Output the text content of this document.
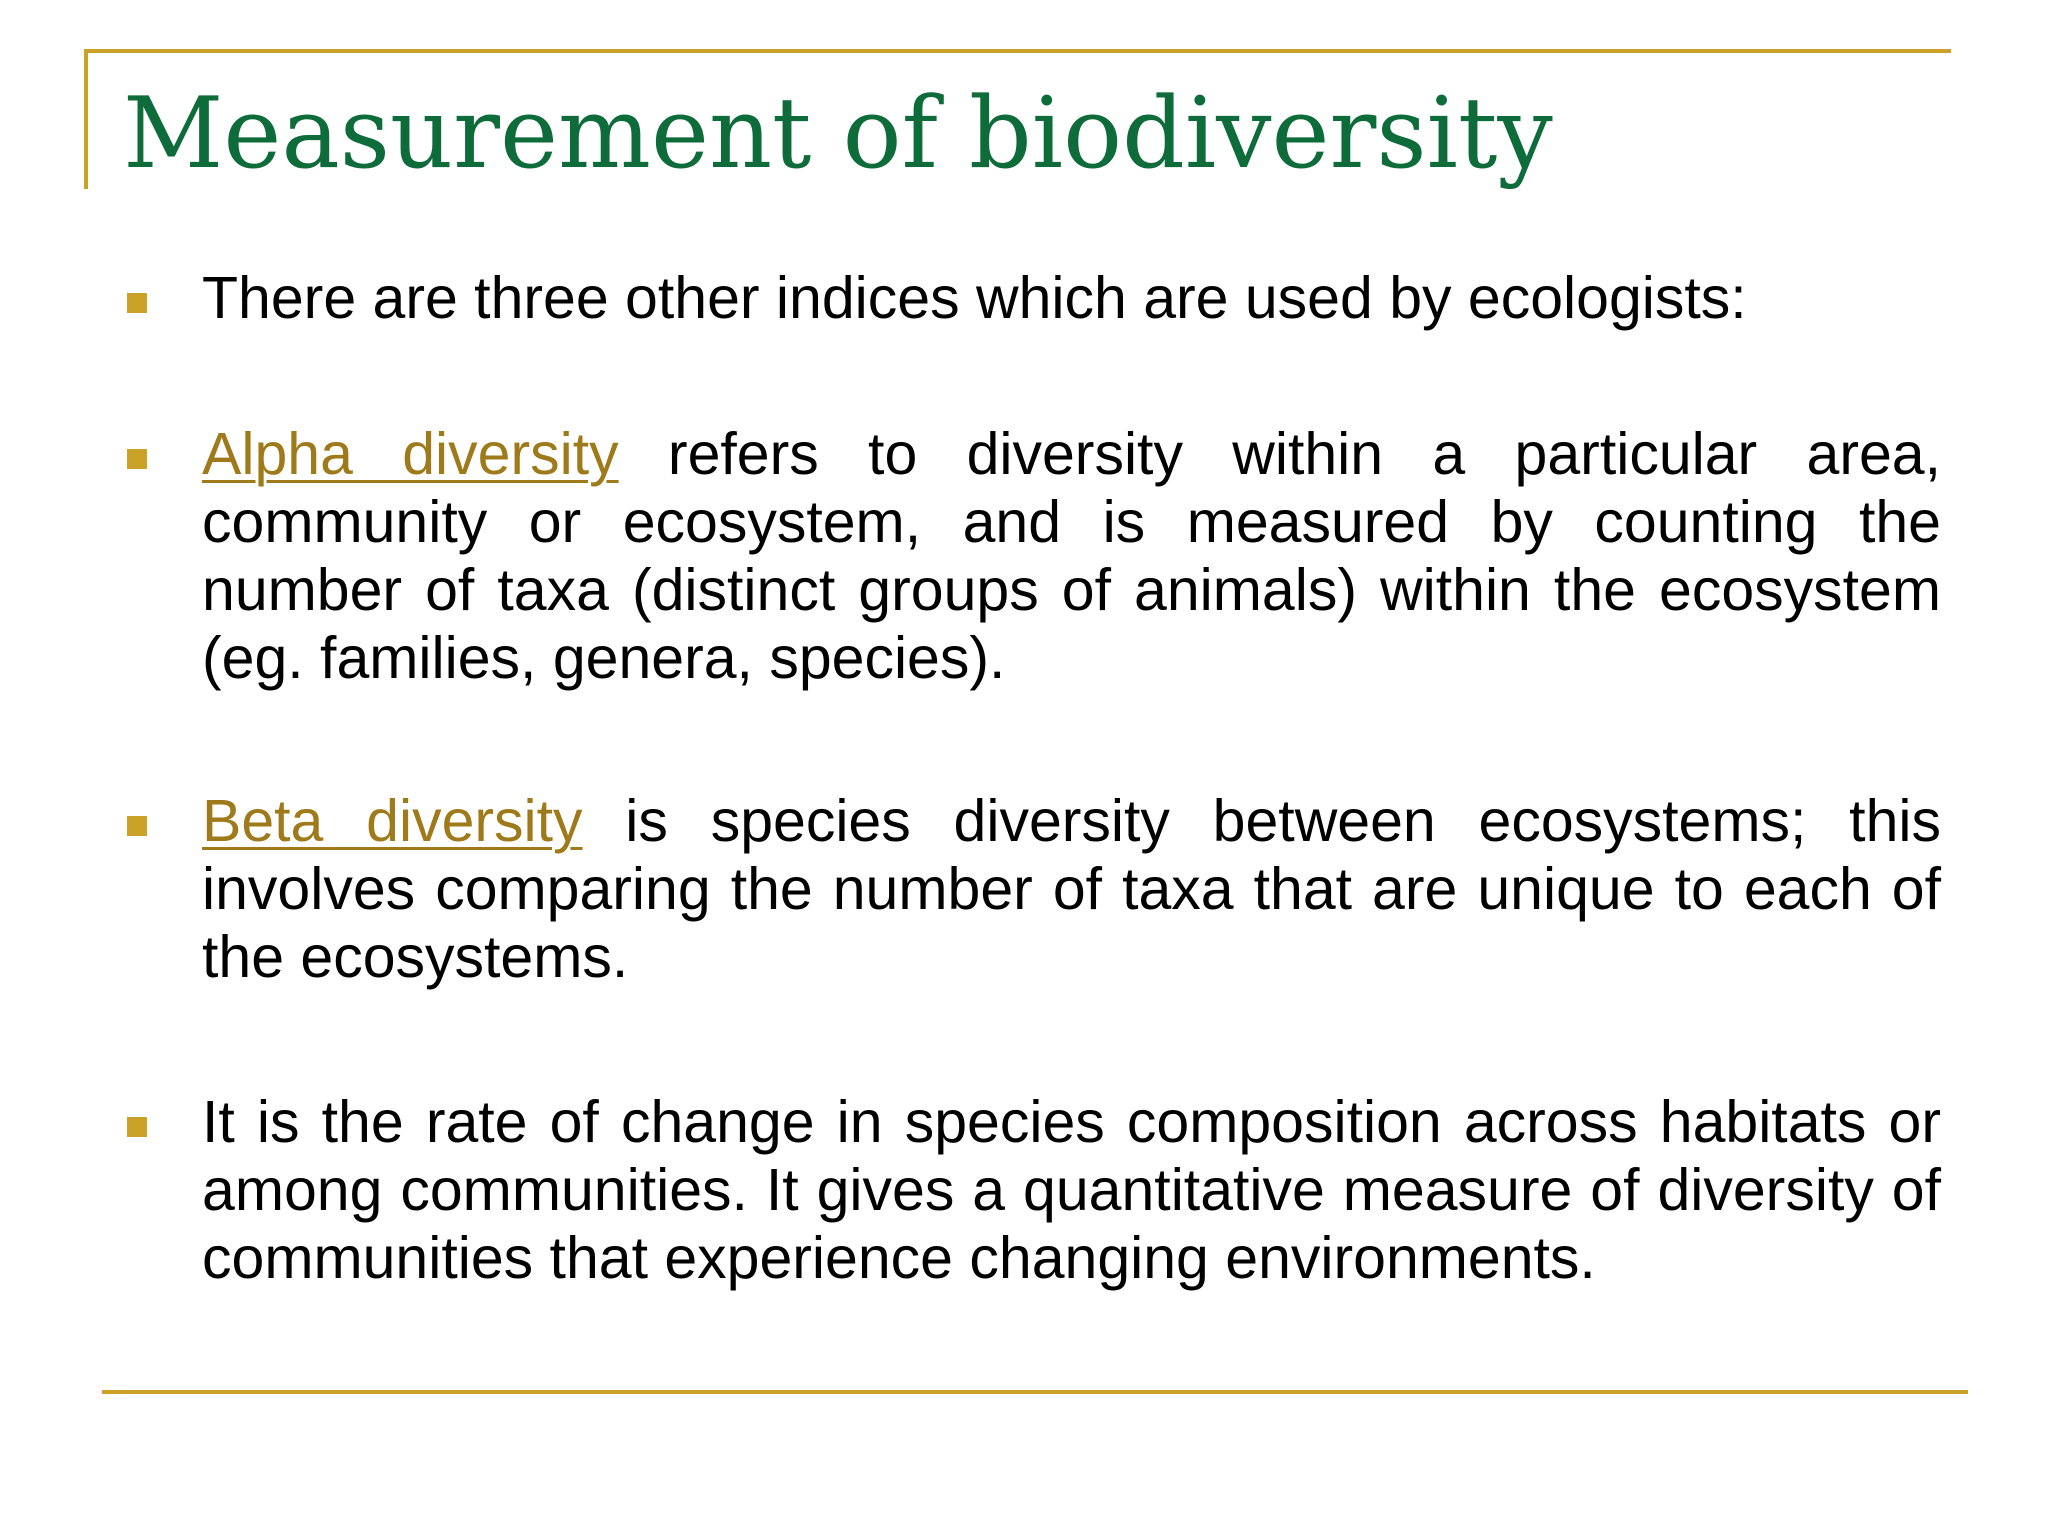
Measurement of biodiversity
There are three other indices which are used by ecologists:
Alpha diversity refers to diversity within a particular area, community or ecosystem, and is measured by counting the number of taxa (distinct groups of animals) within the ecosystem (eg. families, genera, species).
Beta diversity is species diversity between ecosystems; this involves comparing the number of taxa that are unique to each of the ecosystems.
It is the rate of change in species composition across habitats or among communities. It gives a quantitative measure of diversity of communities that experience changing environments.
